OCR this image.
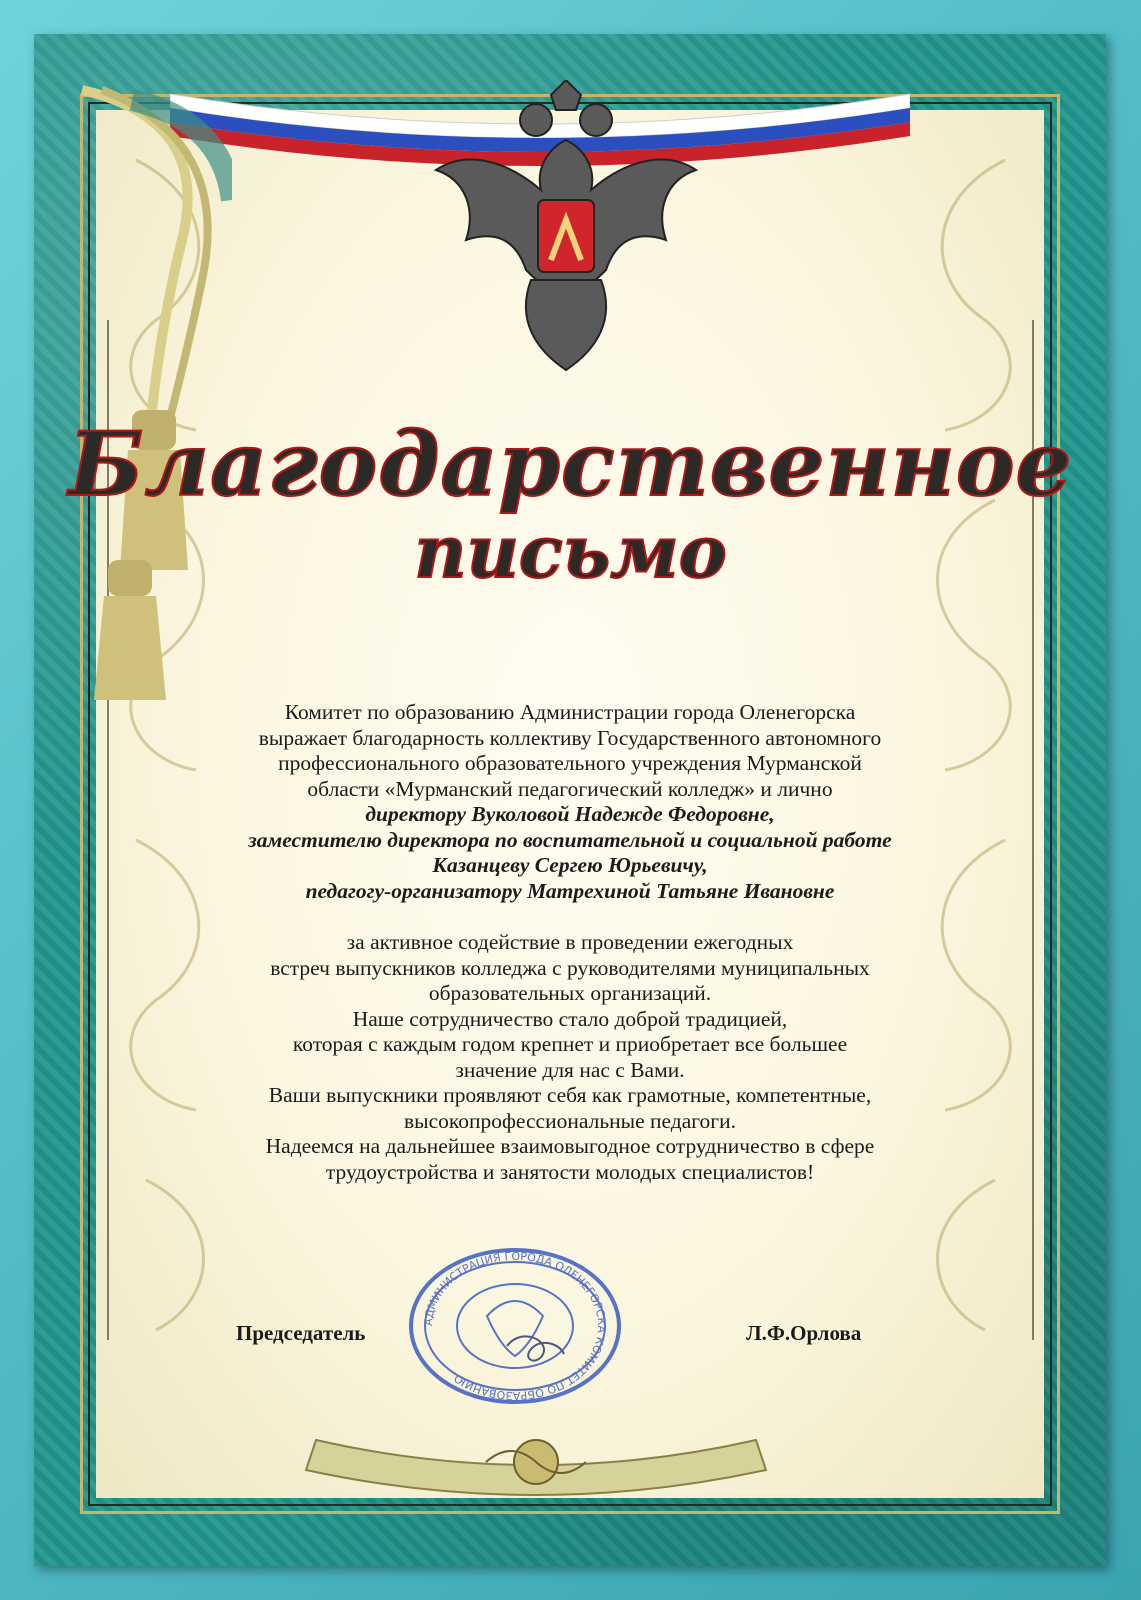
Благодарственное
письмо
Комитет по образованию Администрации города Оленегорска
выражает благодарность коллективу Государственного автономного
профессионального образовательного учреждения Мурманской
области «Мурманский педагогический колледж» и лично
директору Вуколовой Надежде Федоровне,
заместителю директора по воспитательной и социальной работе
Казанцеву Сергею Юрьевичу,
педагогу-организатору Матрехиной Татьяне Ивановне
за активное содействие в проведении ежегодных
встреч выпускников колледжа с руководителями муниципальных
образовательных организаций.
Наше сотрудничество стало доброй традицией,
которая с каждым годом крепнет и приобретает все большее
значение для нас с Вами.
Ваши выпускники проявляют себя как грамотные, компетентные,
высокопрофессиональные педагоги.
Надеемся на дальнейшее взаимовыгодное сотрудничество в сфере
трудоустройства и занятости молодых специалистов!
АДМИНИСТРАЦИЯ ГОРОДА ОЛЕНЕГОРСКА КОМИТЕТ ПО ОБРАЗОВАНИЮ
Председатель	Л.Ф.Орлова
